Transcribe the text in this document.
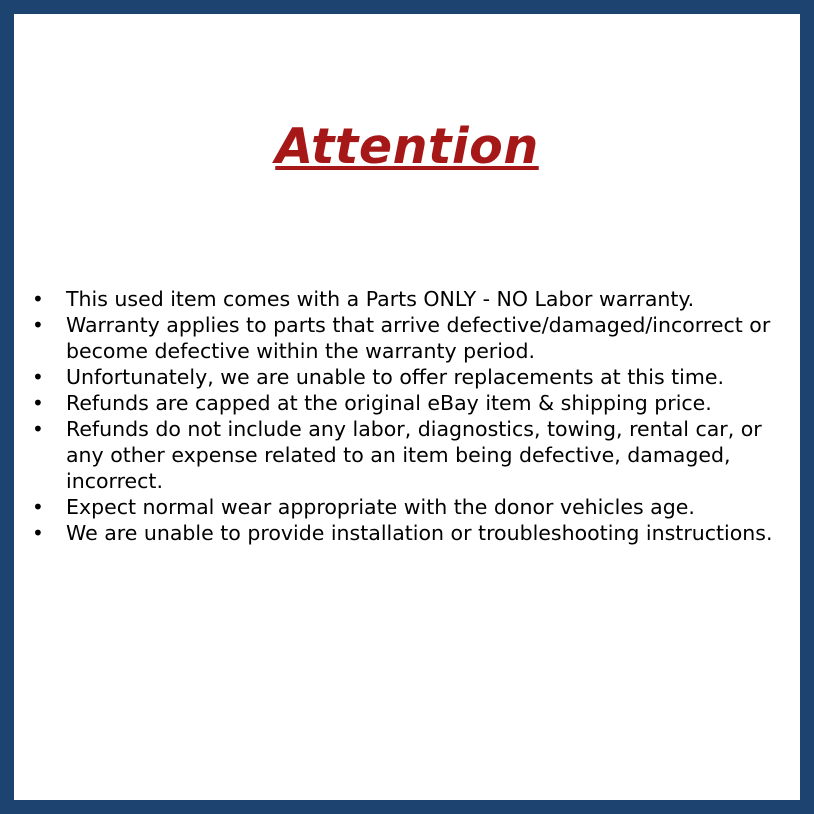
Attention
• This used item comes with a Parts ONLY - NO Labor warranty.
• Warranty applies to parts that arrive defective/damaged/incorrect or become defective within the warranty period.
• Unfortunately, we are unable to offer replacements at this time.
• Refunds are capped at the original eBay item & shipping price.
• Refunds do not include any labor, diagnostics, towing, rental car, or any other expense related to an item being defective, damaged, incorrect.
• Expect normal wear appropriate with the donor vehicles age.
• We are unable to provide installation or troubleshooting instructions.
